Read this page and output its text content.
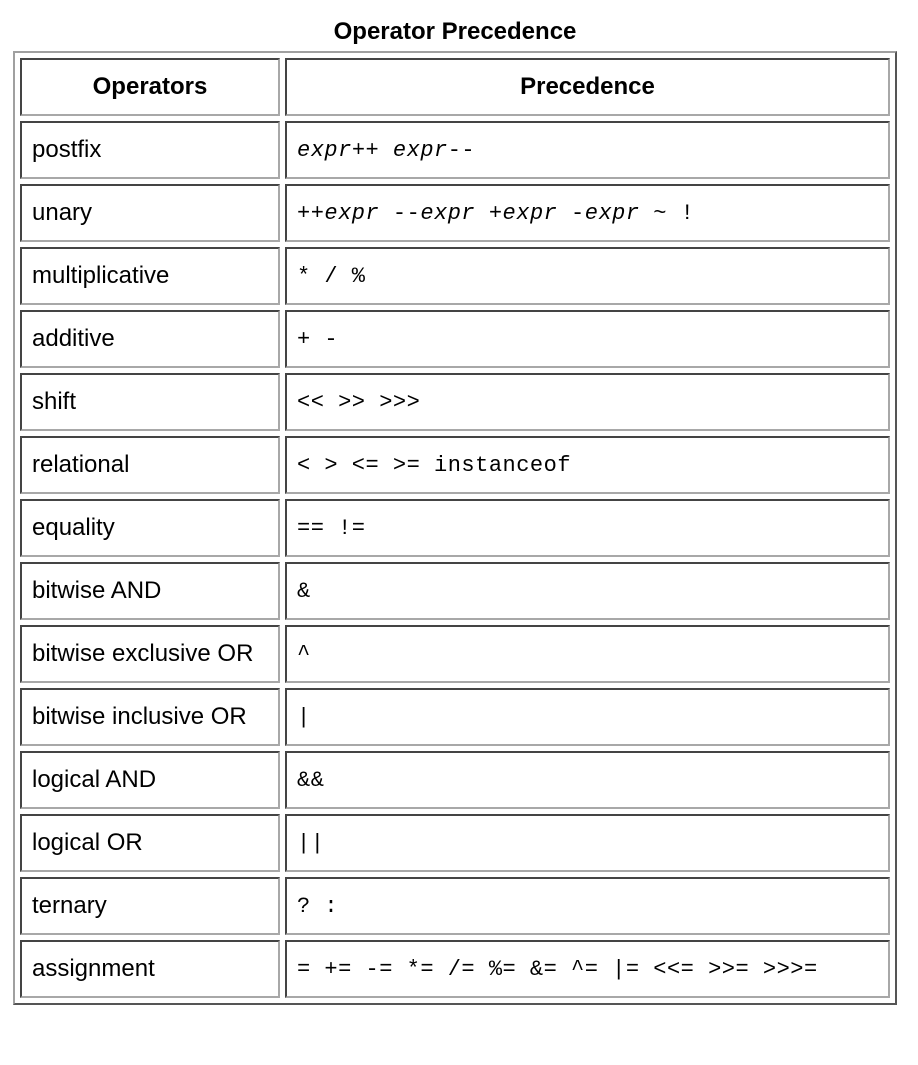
Operator Precedence
Operators	Precedence
postfix	expr++ expr--
unary	++expr --expr +expr -expr ~ !
multiplicative	* / %
additive	+ -
shift	<< >> >>>
relational	< > <= >= instanceof
equality	== !=
bitwise AND	&
bitwise exclusive OR	^
bitwise inclusive OR	|
logical AND	&&
logical OR	||
ternary	? :
assignment	= += -= *= /= %= &= ^= |= <<= >>= >>>=
